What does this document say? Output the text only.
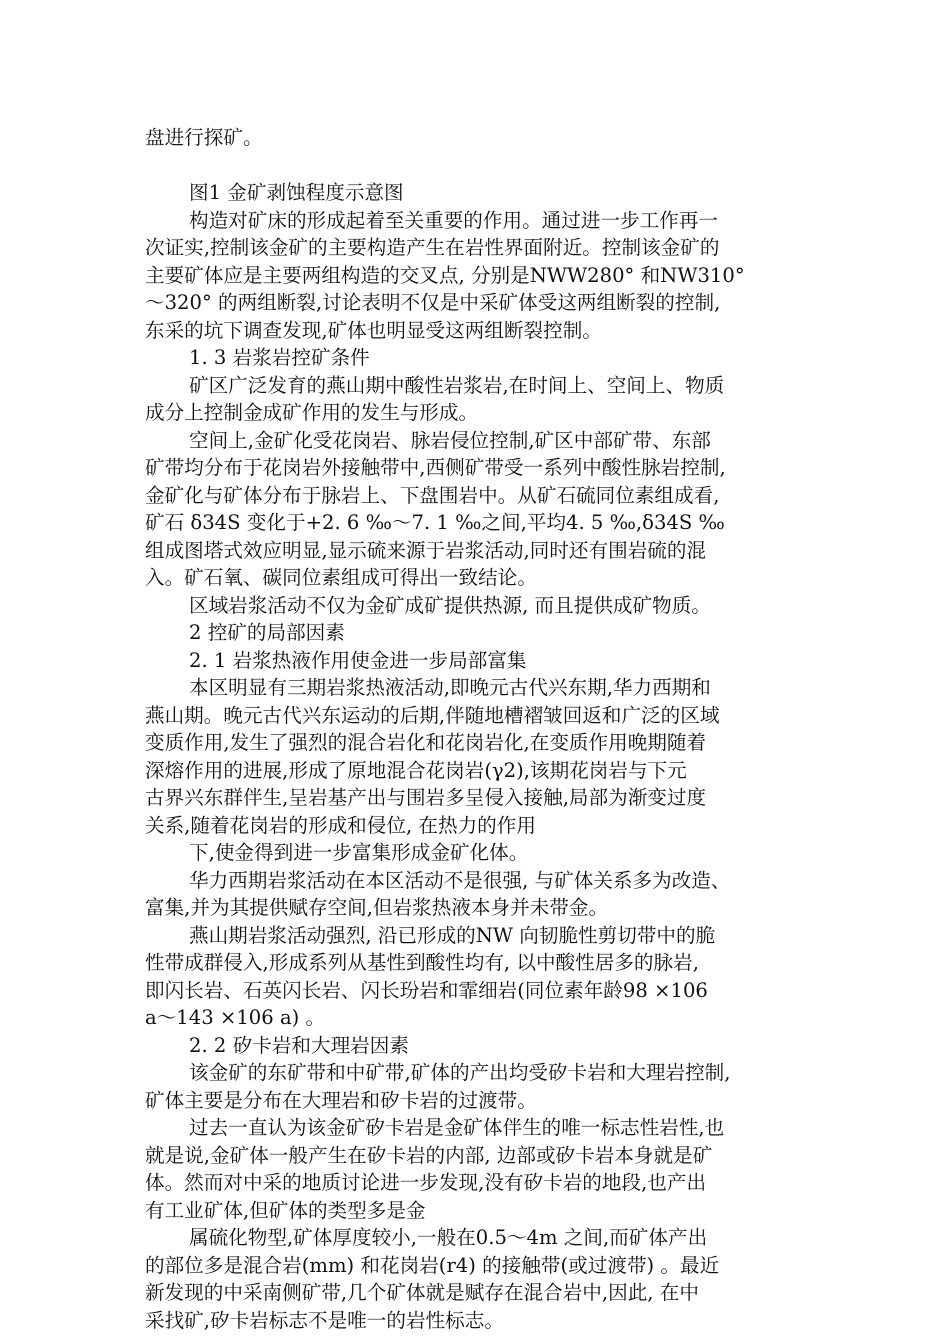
盘进行探矿。
图1 金矿剥蚀程度示意图
构造对矿床的形成起着至关重要的作用。通过进一步工作再一
次证实,控制该金矿的主要构造产生在岩性界面附近。控制该金矿的
主要矿体应是主要两组构造的交叉点, 分别是NWW280° 和NW310°
～320° 的两组断裂,讨论表明不仅是中采矿体受这两组断裂的控制,
东采的坑下调查发现,矿体也明显受这两组断裂控制。
1. 3 岩浆岩控矿条件
矿区广泛发育的燕山期中酸性岩浆岩,在时间上、空间上、物质
成分上控制金成矿作用的发生与形成。
空间上,金矿化受花岗岩、脉岩侵位控制,矿区中部矿带、东部
矿带均分布于花岗岩外接触带中,西侧矿带受一系列中酸性脉岩控制,
金矿化与矿体分布于脉岩上、下盘围岩中。从矿石硫同位素组成看,
矿石 δ34S 变化于+2. 6 ‰～7. 1 ‰之间,平均4. 5 ‰,δ34S ‰
组成图塔式效应明显,显示硫来源于岩浆活动,同时还有围岩硫的混
入。矿石氧、碳同位素组成可得出一致结论。
区域岩浆活动不仅为金矿成矿提供热源, 而且提供成矿物质。
2 控矿的局部因素
2. 1 岩浆热液作用使金进一步局部富集
本区明显有三期岩浆热液活动,即晚元古代兴东期,华力西期和
燕山期。晚元古代兴东运动的后期,伴随地槽褶皱回返和广泛的区域
变质作用,发生了强烈的混合岩化和花岗岩化,在变质作用晚期随着
深熔作用的进展,形成了原地混合花岗岩(γ2),该期花岗岩与下元
古界兴东群伴生,呈岩基产出与围岩多呈侵入接触,局部为渐变过度
关系,随着花岗岩的形成和侵位, 在热力的作用
下,使金得到进一步富集形成金矿化体。
华力西期岩浆活动在本区活动不是很强, 与矿体关系多为改造、
富集,并为其提供赋存空间,但岩浆热液本身并未带金。
燕山期岩浆活动强烈, 沿已形成的NW 向韧脆性剪切带中的脆
性带成群侵入,形成系列从基性到酸性均有, 以中酸性居多的脉岩,
即闪长岩、石英闪长岩、闪长玢岩和霏细岩(同位素年龄98 ×106
a～143 ×106 a) 。
2. 2 矽卡岩和大理岩因素
该金矿的东矿带和中矿带,矿体的产出均受矽卡岩和大理岩控制,
矿体主要是分布在大理岩和矽卡岩的过渡带。
过去一直认为该金矿矽卡岩是金矿体伴生的唯一标志性岩性,也
就是说,金矿体一般产生在矽卡岩的内部, 边部或矽卡岩本身就是矿
体。然而对中采的地质讨论进一步发现,没有矽卡岩的地段,也产出
有工业矿体,但矿体的类型多是金
属硫化物型,矿体厚度较小,一般在0.5～4m 之间,而矿体产出
的部位多是混合岩(mm) 和花岗岩(r4) 的接触带(或过渡带) 。最近
新发现的中采南侧矿带,几个矿体就是赋存在混合岩中,因此, 在中
采找矿,矽卡岩标志不是唯一的岩性标志。
